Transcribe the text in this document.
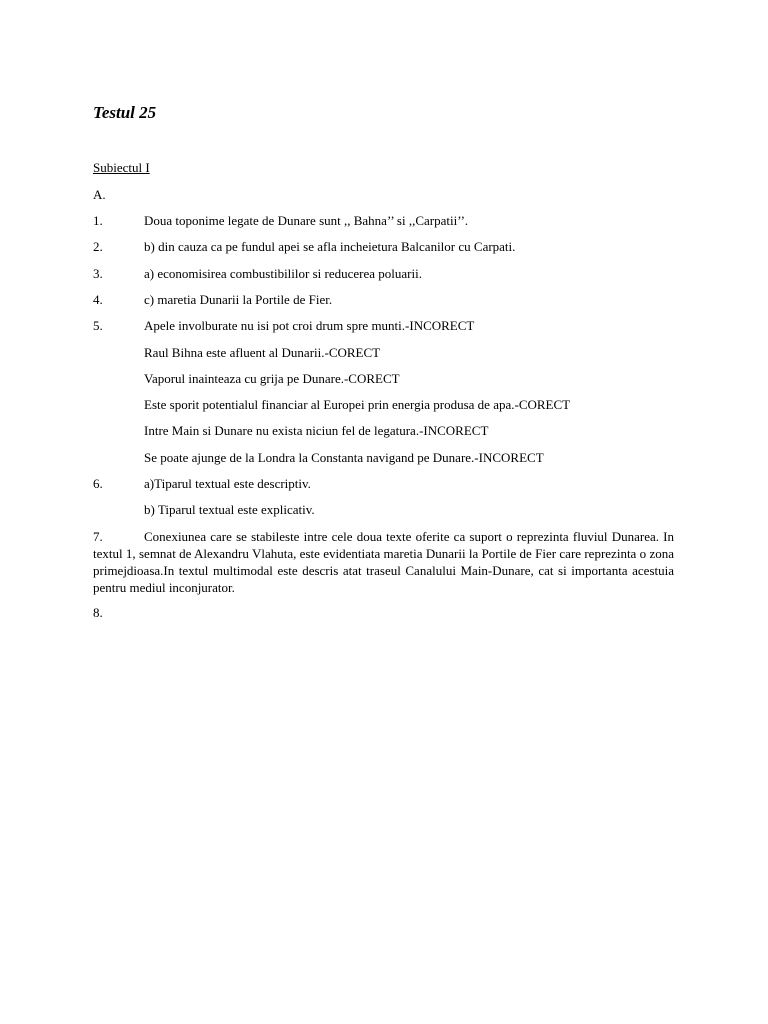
Testul 25
Subiectul I
A.
1.	Doua toponime legate de Dunare sunt ,, Bahna’’ si ,,Carpatii’’.
2.	b) din cauza ca pe fundul apei se afla incheietura Balcanilor cu Carpati.
3.	a) economisirea combustibililor si reducerea poluarii.
4.	c) maretia Dunarii la Portile de Fier.
5.	Apele involburate nu isi pot croi drum spre munti.-INCORECT
Raul Bihna este afluent al Dunarii.-CORECT
Vaporul inainteaza cu grija pe Dunare.-CORECT
Este sporit potentialul financiar al Europei prin energia produsa de apa.-CORECT
Intre Main si Dunare nu exista niciun fel de legatura.-INCORECT
Se poate ajunge de la Londra la Constanta navigand pe Dunare.-INCORECT
6.	a)Tiparul textual este descriptiv.
b) Tiparul textual este explicativ.

7.	Conexiunea care se stabileste intre cele doua texte oferite ca suport o reprezinta fluviul Dunarea. In textul 1, semnat de Alexandru Vlahuta, este evidentiata maretia Dunarii la Portile de Fier care reprezinta o zona primejdioasa.In textul multimodal este descris atat traseul Canalului Main-Dunare, cat si importanta acestuia pentru mediul inconjurator.

8.
